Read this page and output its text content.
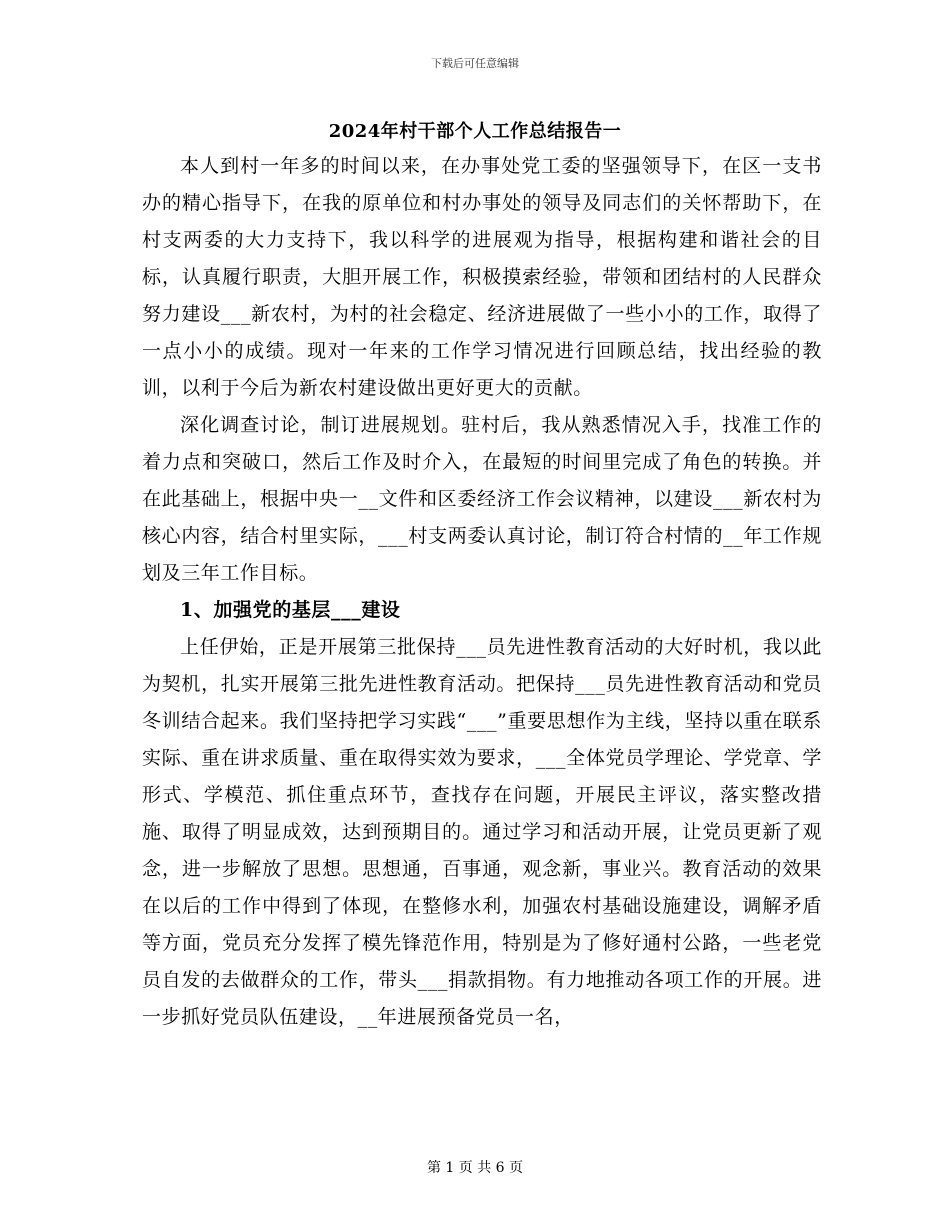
下载后可任意编辑
2024年村干部个人工作总结报告一

本人到村一年多的时间以来，在办事处党工委的坚强领导下，在区一支书办的精心指导下，在我的原单位和村办事处的领导及同志们的关怀帮助下，在村支两委的大力支持下，我以科学的进展观为指导，根据构建和谐社会的目标，认真履行职责，大胆开展工作，积极摸索经验，带领和团结村的人民群众努力建设___新农村，为村的社会稳定、经济进展做了一些小小的工作，取得了一点小小的成绩。现对一年来的工作学习情况进行回顾总结，找出经验的教训，以利于今后为新农村建设做出更好更大的贡献。

深化调查讨论，制订进展规划。驻村后，我从熟悉情况入手，找准工作的着力点和突破口，然后工作及时介入，在最短的时间里完成了角色的转换。并在此基础上，根据中央一__文件和区委经济工作会议精神，以建设___新农村为核心内容，结合村里实际，___村支两委认真讨论，制订符合村情的__年工作规划及三年工作目标。

1、加强党的基层___建设

上任伊始，正是开展第三批保持___员先进性教育活动的大好时机，我以此为契机，扎实开展第三批先进性教育活动。把保持___员先进性教育活动和党员冬训结合起来。我们坚持把学习实践“___”重要思想作为主线，坚持以重在联系实际、重在讲求质量、重在取得实效为要求，___全体党员学理论、学党章、学形式、学模范、抓住重点环节，查找存在问题，开展民主评议，落实整改措施、取得了明显成效，达到预期目的。通过学习和活动开展，让党员更新了观念，进一步解放了思想。思想通，百事通，观念新，事业兴。教育活动的效果在以后的工作中得到了体现，在整修水利，加强农村基础设施建设，调解矛盾等方面，党员充分发挥了模先锋范作用，特别是为了修好通村公路，一些老党员自发的去做群众的工作，带头___捐款捐物。有力地推动各项工作的开展。进一步抓好党员队伍建设，__年进展预备党员一名，

第 1 页 共 6 页
